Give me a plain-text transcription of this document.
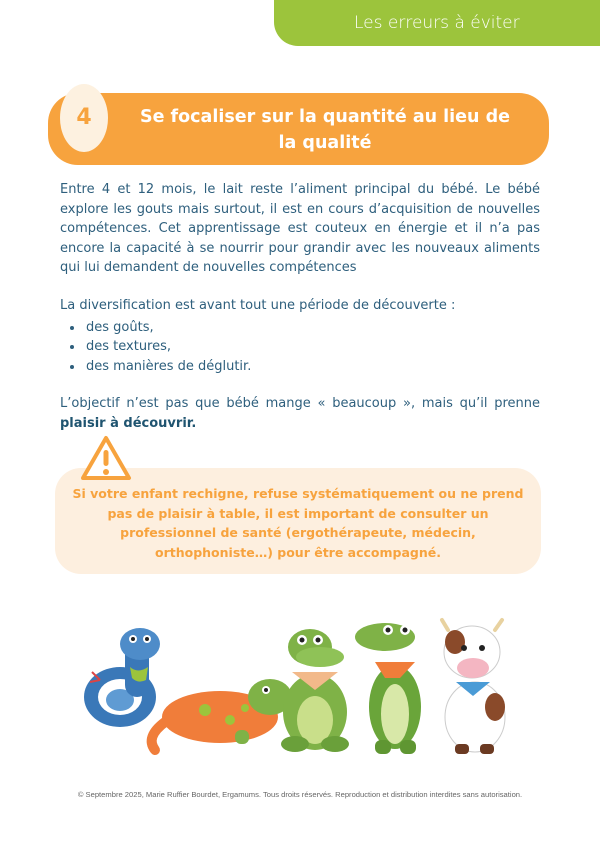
Les erreurs à éviter
4	Se focaliser sur la quantité au lieu de
la qualité
Entre 4 et 12 mois, le lait reste l’aliment principal du bébé. Le bébé explore les gouts mais surtout, il est en cours d’acquisition de nouvelles compétences. Cet apprentissage est couteux en énergie et il n’a pas encore la capacité à se nourrir pour grandir avec les nouveaux aliments qui lui demandent de nouvelles compétences
La diversification est avant tout une période de découverte :
• des goûts,
• des textures,
• des manières de déglutir.
L’objectif n’est pas que bébé mange « beaucoup », mais qu’il prenne plaisir à découvrir.
Si votre enfant rechigne, refuse systématiquement ou ne prend pas de plaisir à table, il est important de consulter un professionnel de santé (ergothérapeute, médecin, orthophoniste…) pour être accompagné.
© Septembre 2025, Marie Ruffier Bourdet, Ergamums. Tous droits réservés. Reproduction et distribution interdites sans autorisation.
